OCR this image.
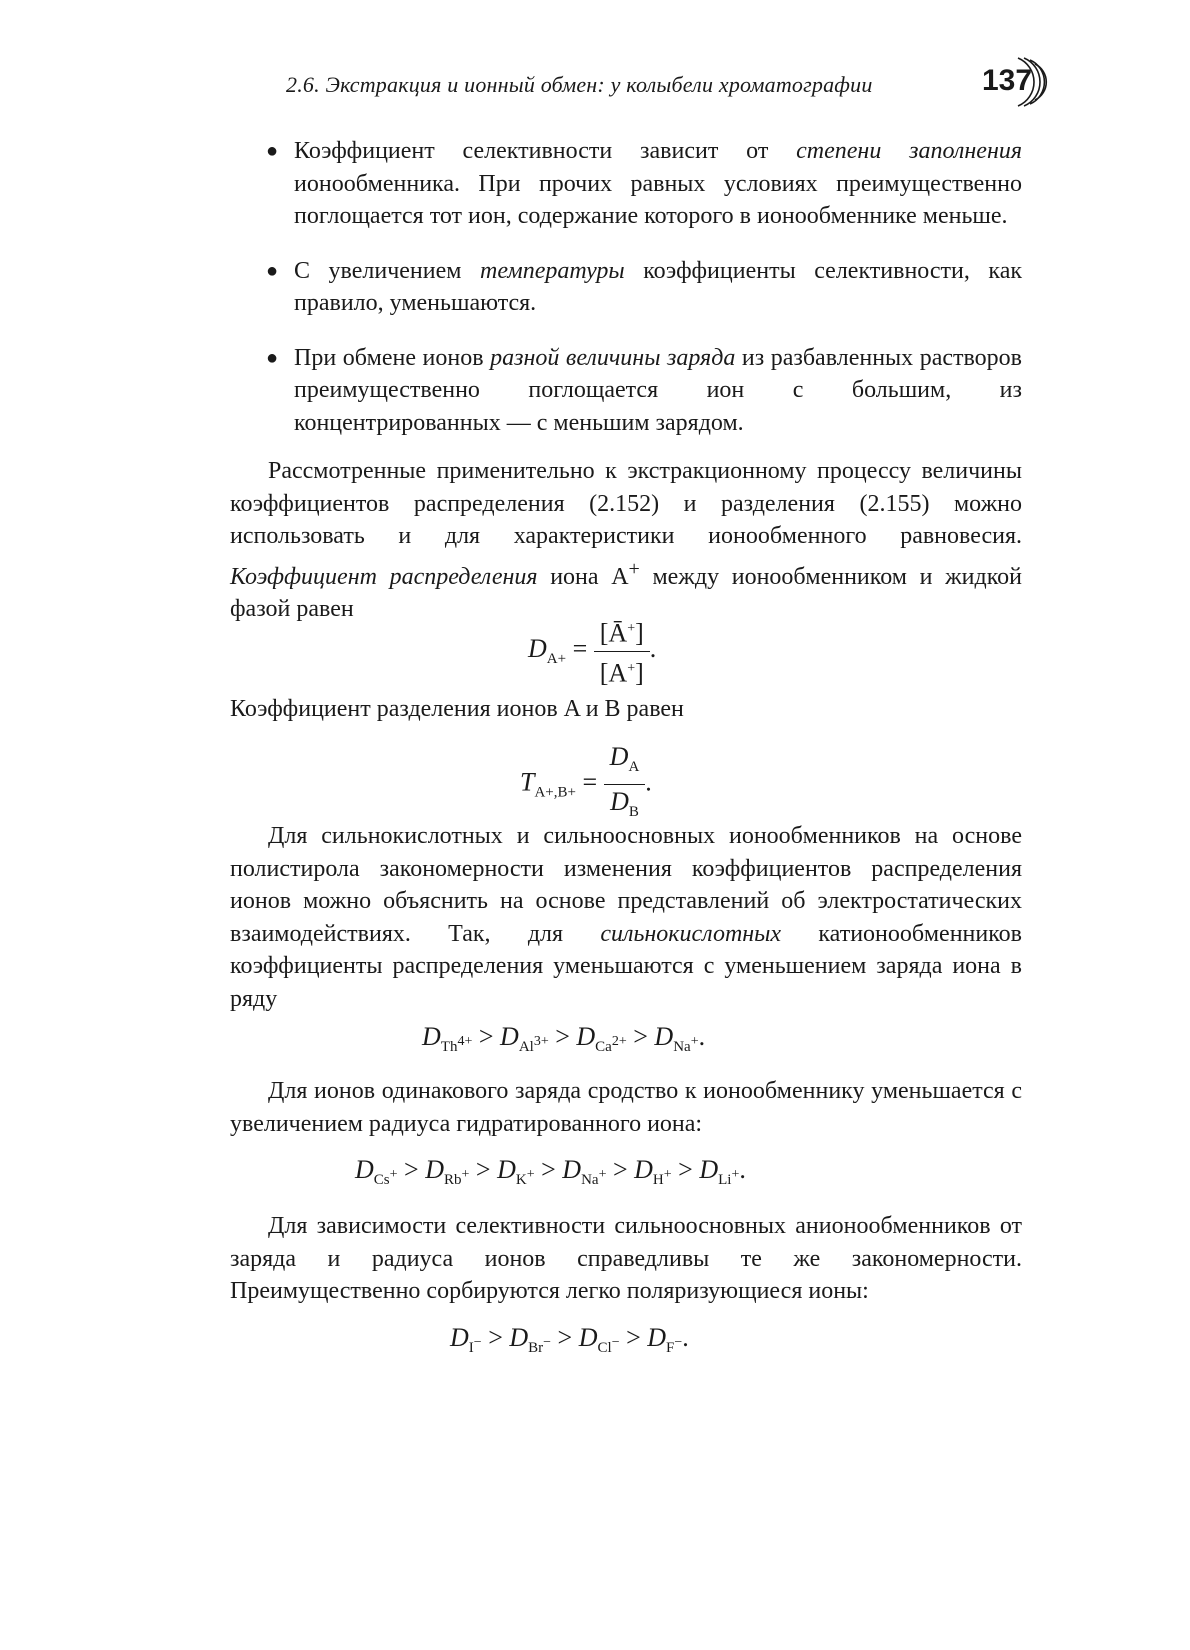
2.6. Экстракция и ионный обмен: у колыбели хроматографии	137
● Коэффициент селективности зависит от степени заполнения ионообменника. При прочих равных условиях преимущественно поглощается тот ион, содержание которого в ионообменнике меньше.

● С увеличением температуры коэффициенты селективности, как правило, уменьшаются.

● При обмене ионов разной величины заряда из разбавленных растворов преимущественно поглощается ион с большим, из концентрированных — с меньшим зарядом.

Рассмотренные применительно к экстракционному процессу величины коэффициентов распределения (2.152) и разделения (2.155) можно использовать и для характеристики ионообменного равновесия. Коэффициент распределения иона A+ между ионообменником и жидкой фазой равен

$D_{A+} = \frac{[Ā^+]}{[A^+]}$ .

Коэффициент разделения ионов A и B равен

$T_{A+,B+} = \frac{D_A}{D_B}$ .

Для сильнокислотных и сильноосновных ионообменников на основе полистирола закономерности изменения коэффициентов распределения ионов можно объяснить на основе представлений об электростатических взаимодействиях. Так, для сильнокислотных катионообменников коэффициенты распределения уменьшаются с уменьшением заряда иона в ряду

$D_{Th^{4+}} > D_{Al^{3+}} > D_{Ca^{2+}} > D_{Na^+}$.

Для ионов одинакового заряда сродство к ионообменнику уменьшается с увеличением радиуса гидратированного иона:

$D_{Cs^+} > D_{Rb^+} > D_{K^+} > D_{Na^+} > D_{H^+} > D_{Li^+}$.

Для зависимости селективности сильноосновных анионообменников от заряда и радиуса ионов справедливы те же закономерности. Преимущественно сорбируются легко поляризующиеся ионы:

$D_{I^-} > D_{Br^-} > D_{Cl^-} > D_{F^-}$.
